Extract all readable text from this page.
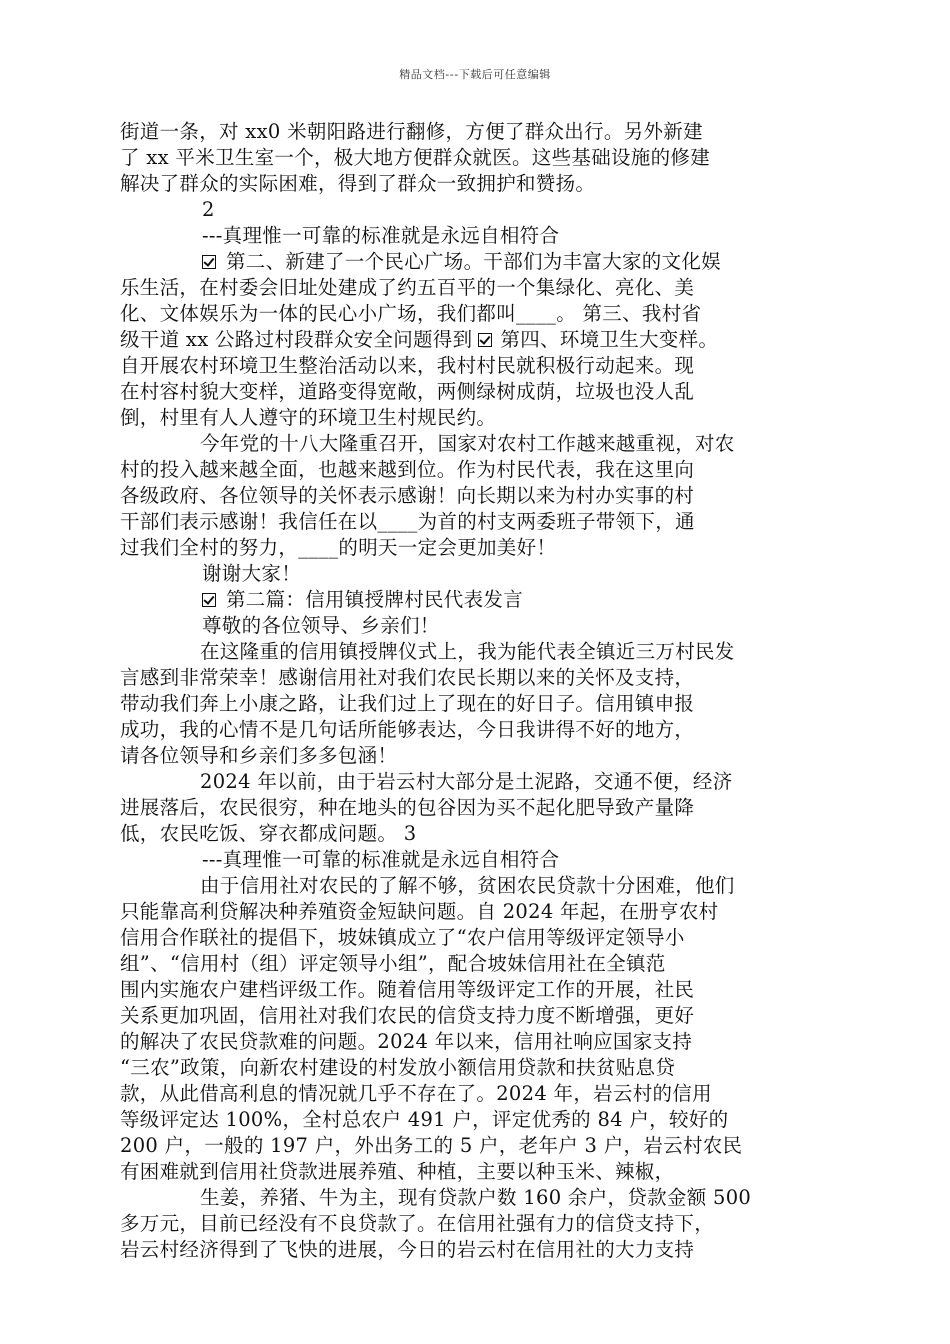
精品文档---下载后可任意编辑
街道一条，对 xx0 米朝阳路进行翻修，方便了群众出行。另外新建
了 xx 平米卫生室一个，极大地方便群众就医。这些基础设施的修建
解决了群众的实际困难，得到了群众一致拥护和赞扬。
2
---真理惟一可靠的标准就是永远自相符合
第二、新建了一个民心广场。干部们为丰富大家的文化娱
乐生活，在村委会旧址处建成了约五百平的一个集绿化、亮化、美
化、文体娱乐为一体的民心小广场，我们都叫____。 第三、我村省
级干道 xx 公路过村段群众安全问题得到 第四、环境卫生大变样。
自开展农村环境卫生整治活动以来，我村村民就积极行动起来。现
在村容村貌大变样，道路变得宽敞，两侧绿树成荫，垃圾也没人乱
倒，村里有人人遵守的环境卫生村规民约。
今年党的十八大隆重召开，国家对农村工作越来越重视，对农
村的投入越来越全面，也越来越到位。作为村民代表，我在这里向
各级政府、各位领导的关怀表示感谢！向长期以来为村办实事的村
干部们表示感谢！我信任在以____为首的村支两委班子带领下，通
过我们全村的努力，____的明天一定会更加美好！
谢谢大家！
第二篇：信用镇授牌村民代表发言
尊敬的各位领导、乡亲们！
在这隆重的信用镇授牌仪式上，我为能代表全镇近三万村民发
言感到非常荣幸！感谢信用社对我们农民长期以来的关怀及支持，
带动我们奔上小康之路，让我们过上了现在的好日子。信用镇申报
成功，我的心情不是几句话所能够表达，今日我讲得不好的地方，
请各位领导和乡亲们多多包涵！
2024 年以前，由于岩云村大部分是土泥路，交通不便，经济
进展落后，农民很穷，种在地头的包谷因为买不起化肥导致产量降
低，农民吃饭、穿衣都成问题。 3
---真理惟一可靠的标准就是永远自相符合
由于信用社对农民的了解不够，贫困农民贷款十分困难，他们
只能靠高利贷解决种养殖资金短缺问题。自 2024 年起，在册亨农村
信用合作联社的提倡下，坡妹镇成立了“农户信用等级评定领导小
组”、“信用村（组）评定领导小组”，配合坡妹信用社在全镇范
围内实施农户建档评级工作。随着信用等级评定工作的开展，社民
关系更加巩固，信用社对我们农民的信贷支持力度不断增强，更好
的解决了农民贷款难的问题。2024 年以来，信用社响应国家支持
“三农”政策，向新农村建设的村发放小额信用贷款和扶贫贴息贷
款，从此借高利息的情况就几乎不存在了。2024 年，岩云村的信用
等级评定达 100%，全村总农户 491 户，评定优秀的 84 户，较好的
200 户，一般的 197 户，外出务工的 5 户，老年户 3 户，岩云村农民
有困难就到信用社贷款进展养殖、种植，主要以种玉米、辣椒，
生姜，养猪、牛为主，现有贷款户数 160 余户，贷款金额 500
多万元，目前已经没有不良贷款了。在信用社强有力的信贷支持下，
岩云村经济得到了飞快的进展，今日的岩云村在信用社的大力支持
